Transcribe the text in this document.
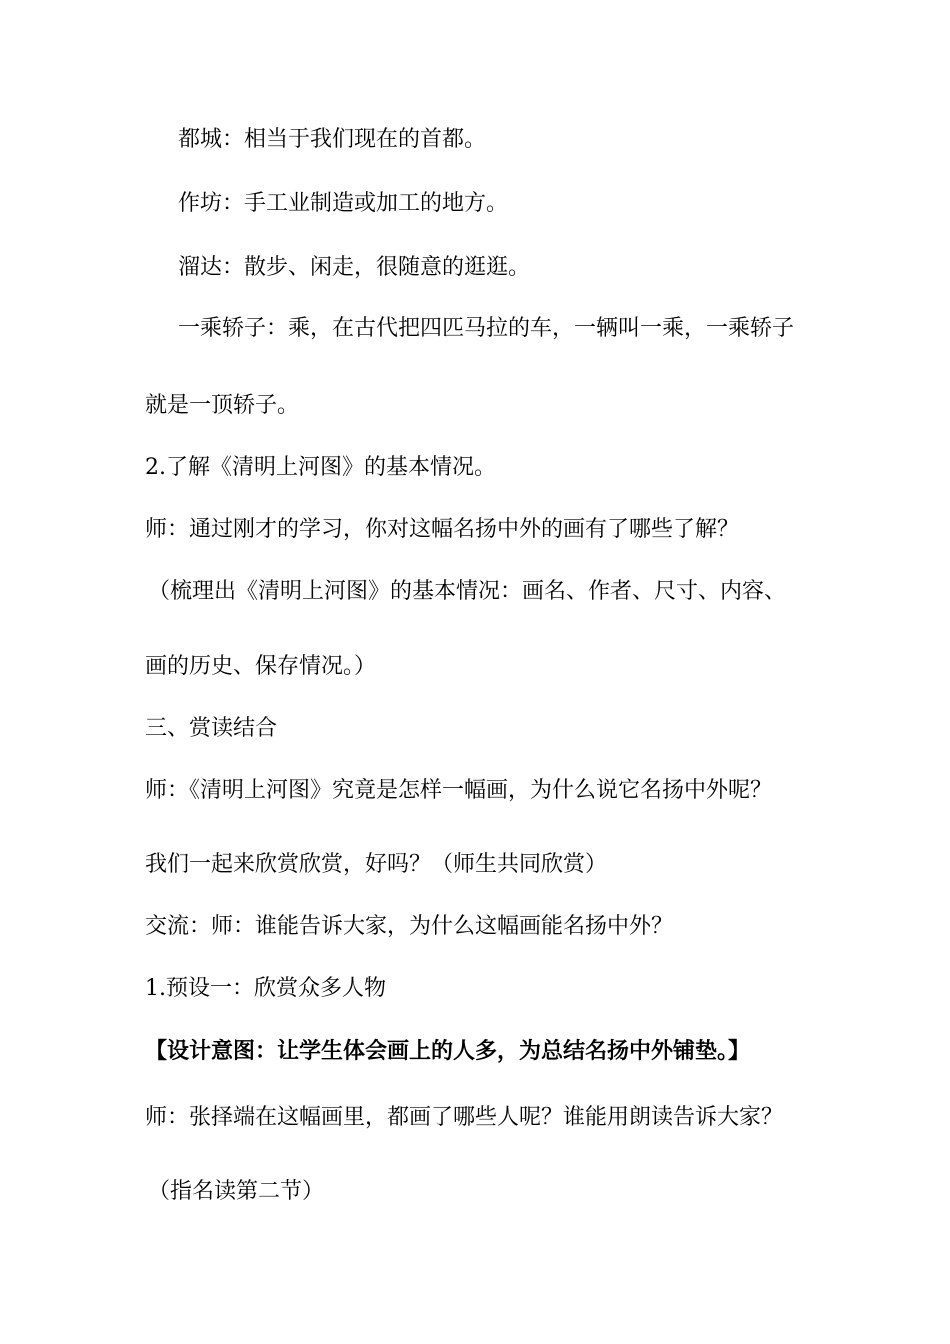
都城：相当于我们现在的首都。

作坊：手工业制造或加工的地方。

溜达：散步、闲走，很随意的逛逛。

一乘轿子：乘，在古代把四匹马拉的车，一辆叫一乘，一乘轿子

就是一顶轿子。

2.了解《清明上河图》的基本情况。

师：通过刚才的学习，你对这幅名扬中外的画有了哪些了解？

（梳理出《清明上河图》的基本情况：画名、作者、尺寸、内容、

画的历史、保存情况。）

三、赏读结合

师：《清明上河图》究竟是怎样一幅画，为什么说它名扬中外呢？

我们一起来欣赏欣赏，好吗？（师生共同欣赏）

交流：师：谁能告诉大家，为什么这幅画能名扬中外？

1.预设一：欣赏众多人物

【设计意图：让学生体会画上的人多，为总结名扬中外铺垫。】

师：张择端在这幅画里，都画了哪些人呢？谁能用朗读告诉大家？

（指名读第二节）
